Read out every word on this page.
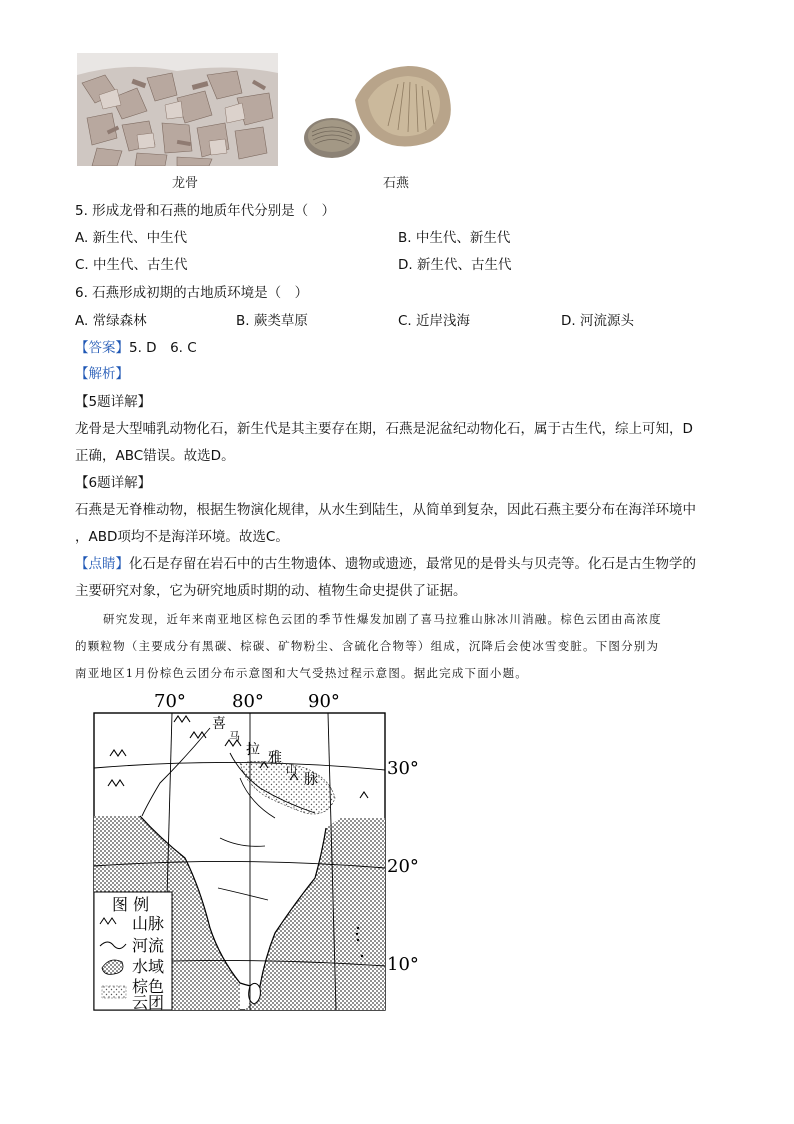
龙骨	石燕
5. 形成龙骨和石燕的地质年代分别是（　）
A. 新生代、中生代	B. 中生代、新生代
C. 中生代、古生代	D. 新生代、古生代
6. 石燕形成初期的古地质环境是（　）
A. 常绿森林	B. 蕨类草原	C. 近岸浅海	D. 河流源头
【答案】5. D　6. C
【解析】
【5题详解】
龙骨是大型哺乳动物化石，新生代是其主要存在期，石燕是泥盆纪动物化石，属于古生代，综上可知，D
正确，ABC错误。故选D。
【6题详解】
石燕是无脊椎动物，根据生物演化规律，从水生到陆生，从简单到复杂，因此石燕主要分布在海洋环境中
，ABD项均不是海洋环境。故选C。
【点睛】化石是存留在岩石中的古生物遗体、遗物或遗迹，最常见的是骨头与贝壳等。化石是古生物学的
主要研究对象，它为研究地质时期的动、植物生命史提供了证据。
研究发现，近年来南亚地区棕色云团的季节性爆发加剧了喜马拉雅山脉冰川消融。棕色云团由高浓度
的颗粒物（主要成分有黑碳、棕碳、矿物粉尘、含硫化合物等）组成，沉降后会使冰雪变脏。下图分别为
南亚地区1月份棕色云团分布示意图和大气受热过程示意图。据此完成下面小题。
70°	80° 90°
30°
20°
10°
喜
马
拉 雅
山
脉
图 例
山脉
河流
水域
棕色
云团
